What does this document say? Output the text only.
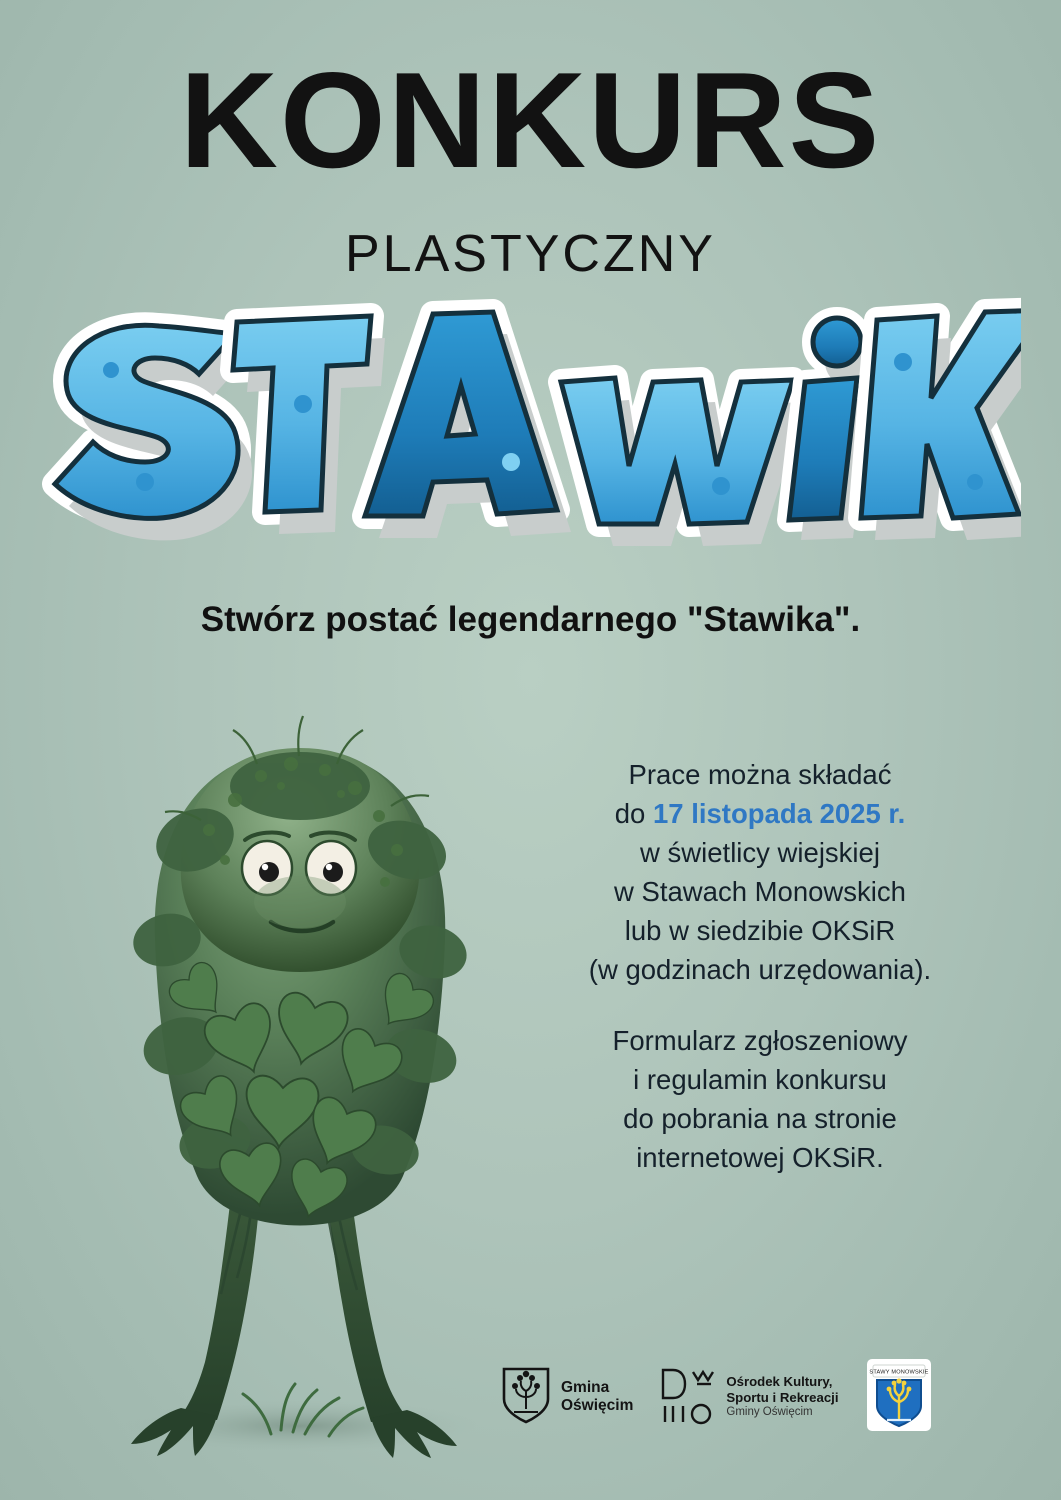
KONKURS
PLASTYCZNY
Stwórz postać legendarnego "Stawika".
Prace można składać
do 17 listopada 2025 r.
w świetlicy wiejskiej
w Stawach Monowskich
lub w siedzibie OKSiR
(w godzinach urzędowania).
Formularz zgłoszeniowy
i regulamin konkursu
do pobrania na stronie
internetowej OKSiR.
Gmina
Oświęcim
Ośrodek Kultury,
Sportu i Rekreacji
Gminy Oświęcim
STAWY MONOWSKIE
